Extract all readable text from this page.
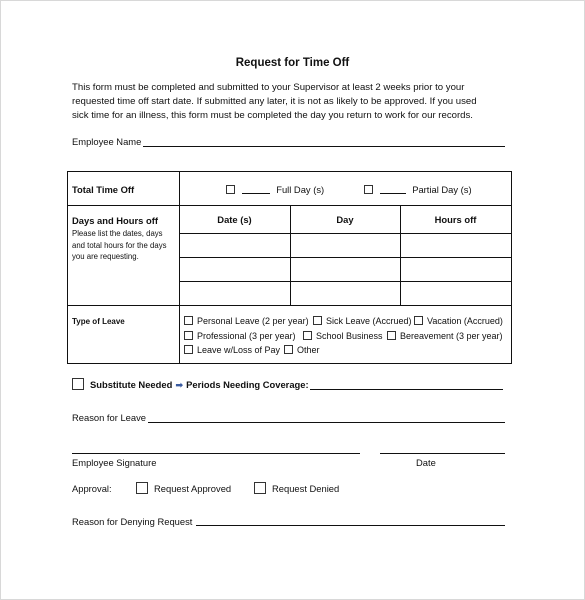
Request for Time Off
This form must be completed and submitted to your Supervisor at least 2 weeks prior to your
requested time off start date. If submitted any later, it is not as likely to be approved. If you used
sick time for an illness, this form must be completed the day you return to work for our records.
Employee Name
Total Time Off	Full Day (s)	Partial Day (s)
Days and Hours off
Please list the dates, days
and total hours for the days
you are requesting.
Date (s)	Day	Hours off
Type of Leave	Personal Leave (2 per year)	Sick Leave (Accrued)	Vacation (Accrued)
Professional (3 per year)	School Business	Bereavement (3 per year)
Leave w/Loss of Pay	Other
Substitute Needed ➡ Periods Needing Coverage:
Reason for Leave
Employee Signature	Date
Approval:	Request Approved	Request Denied
Reason for Denying Request
